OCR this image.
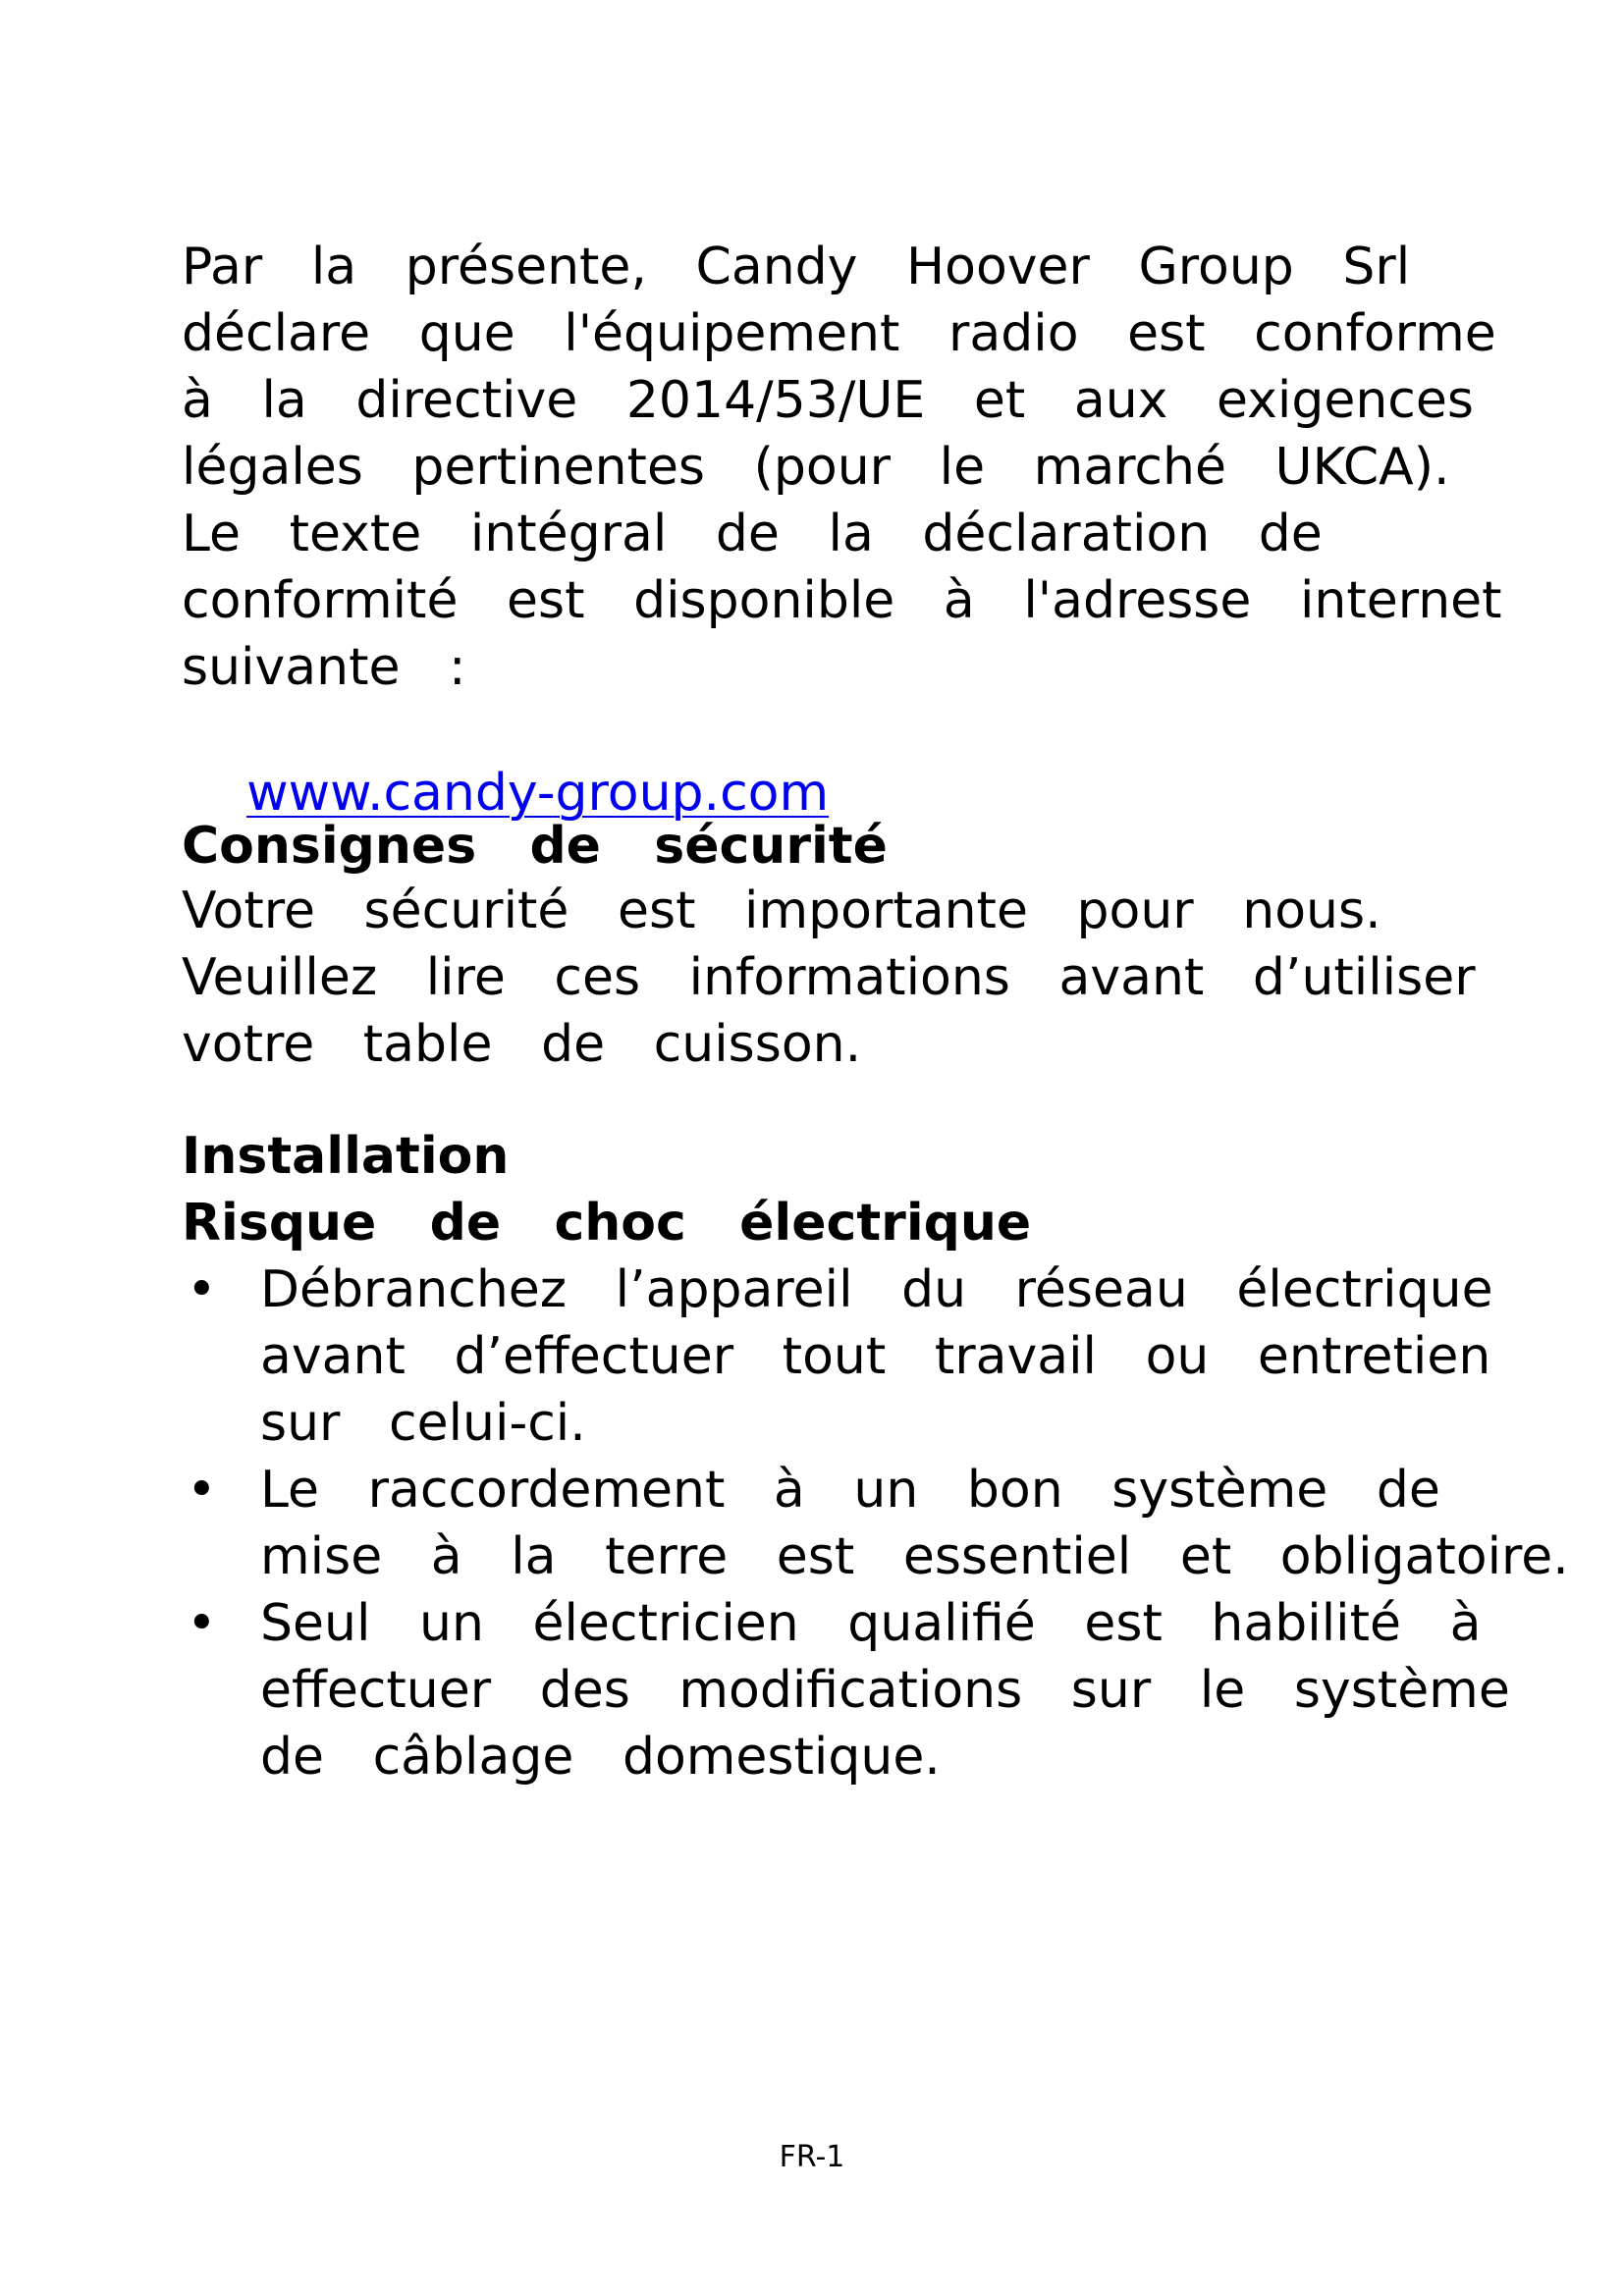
Par   la   présente,   Candy   Hoover   Group   Srl

déclare   que   l'équipement   radio   est   conforme

à   la   directive   2014/53/UE   et   aux   exigences

légales   pertinentes   (pour   le   marché   UKCA).

Le   texte   intégral   de   la   déclaration   de

conformité   est   disponible   à   l'adresse   internet

suivante   :

www.candy-group.com

Consignes   de   sécurité

Votre   sécurité   est   importante   pour   nous.

Veuillez   lire   ces   informations   avant   d’utiliser

votre   table   de   cuisson.

Installation
Risque   de   choc   électrique
• Débranchez   l’appareil   du   réseau   électrique

avant   d’effectuer   tout   travail   ou   entretien

sur   celui-ci.

• Le   raccordement   à   un   bon   système   de

mise   à   la   terre   est   essentiel   et   obligatoire.

• Seul   un   électricien   qualifié   est   habilité   à

effectuer   des   modifications   sur   le   système

de   câblage   domestique.

FR-1
